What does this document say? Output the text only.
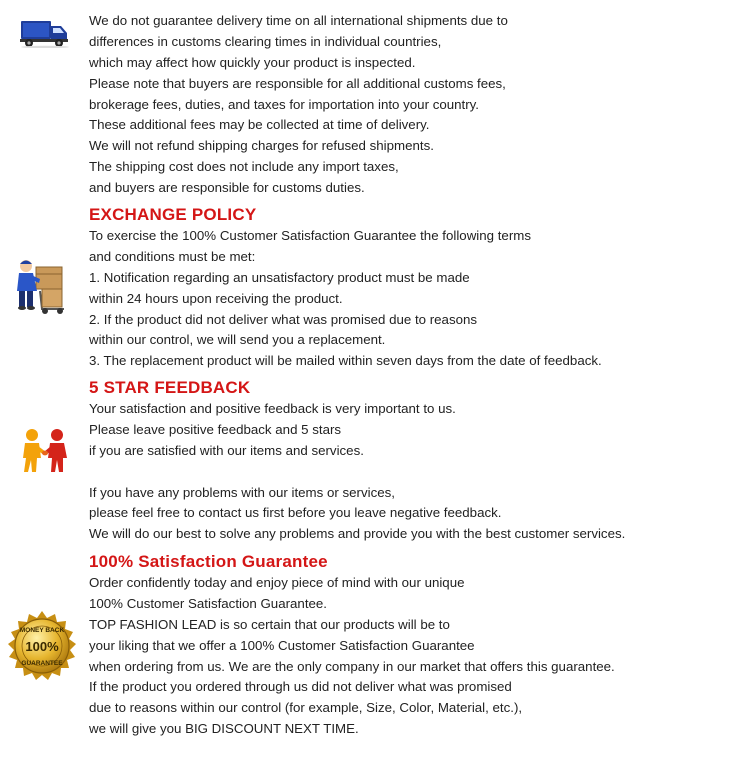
We do not guarantee delivery time on all international shipments due to
differences in customs clearing times in individual countries,
which may affect how quickly your product is inspected.
Please note that buyers are responsible for all additional customs fees,
brokerage fees, duties, and taxes for importation into your country.
These additional fees may be collected at time of delivery.
We will not refund shipping charges for refused shipments.
The shipping cost does not include any import taxes,
and buyers are responsible for customs duties.
EXCHANGE POLICY
To exercise the 100% Customer Satisfaction Guarantee the following terms
and conditions must be met:
1. Notification regarding an unsatisfactory product must be made
within 24 hours upon receiving the product.
2. If the product did not deliver what was promised due to reasons
within our control, we will send you a replacement.
3. The replacement product will be mailed within seven days from the date of feedback.
5 STAR FEEDBACK
Your satisfaction and positive feedback is very important to us.
Please leave positive feedback and 5 stars
if you are satisfied with our items and services.
If you have any problems with our items or services,
please feel free to contact us first before you leave negative feedback.
We will do our best to solve any problems and provide you with the best customer services.
MONEY BACK
100%
GUARANTEE
100% Satisfaction Guarantee
Order confidently today and enjoy piece of mind with our unique
100% Customer Satisfaction Guarantee.
TOP FASHION LEAD is so certain that our products will be to
your liking that we offer a 100% Customer Satisfaction Guarantee
when ordering from us. We are the only company in our market that offers this guarantee.
If the product you ordered through us did not deliver what was promised
due to reasons within our control (for example, Size, Color, Material, etc.),
we will give you BIG DISCOUNT NEXT TIME.
